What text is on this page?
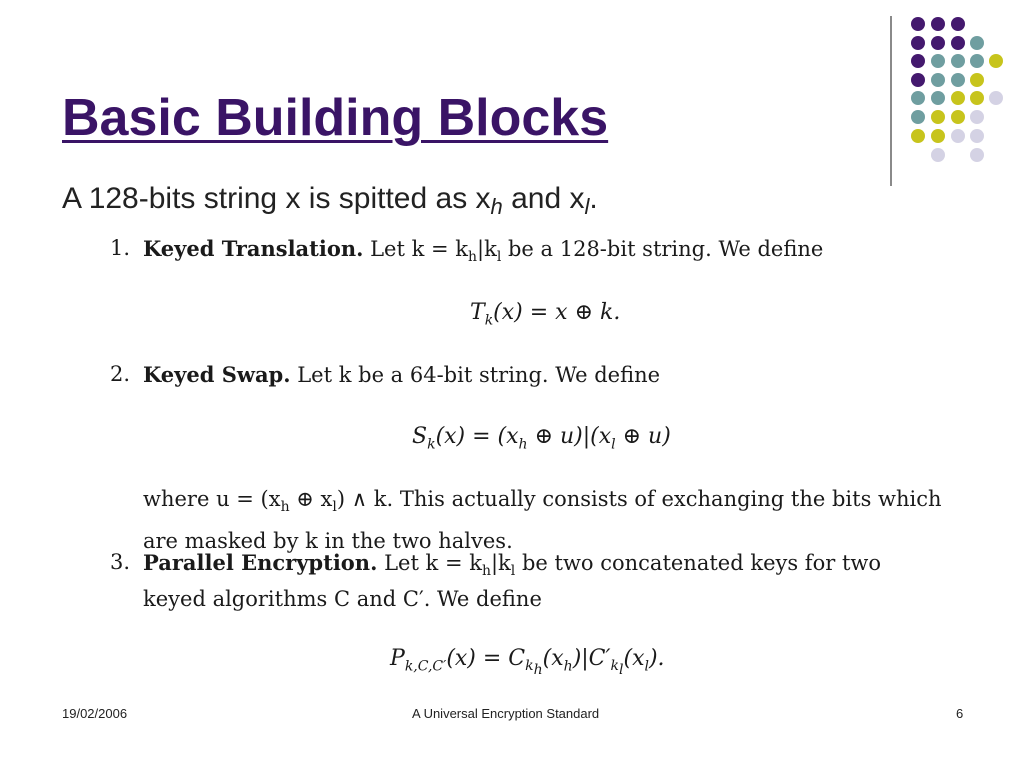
Basic Building Blocks
A 128-bits string x is spitted as $x_h$ and $x_l$.
1. Keyed Translation. Let $k = k_h|k_l$ be a 128-bit string. We define
$T_k(x) = x$ ⊕ k.
2. Keyed Swap. Let k be a 64-bit string. We define
$S_k(x) = (x_h$ ⊕ $u)|(x_l$ ⊕ u)
where $u = (x_h$ ⊕ $x_l$) ∧ k. This actually consists of exchanging the bits which
are masked by k in the two halves.
3. Parallel Encryption. Let $k = k_h|k_l$ be two concatenated keys for two
keyed algorithms C and C′. We define
$P_{k,C,C'}(x) = C_{k_h}(x_h)|C'_{k_l}(x_l)$.
19/02/2006	A Universal Encryption Standard	6
